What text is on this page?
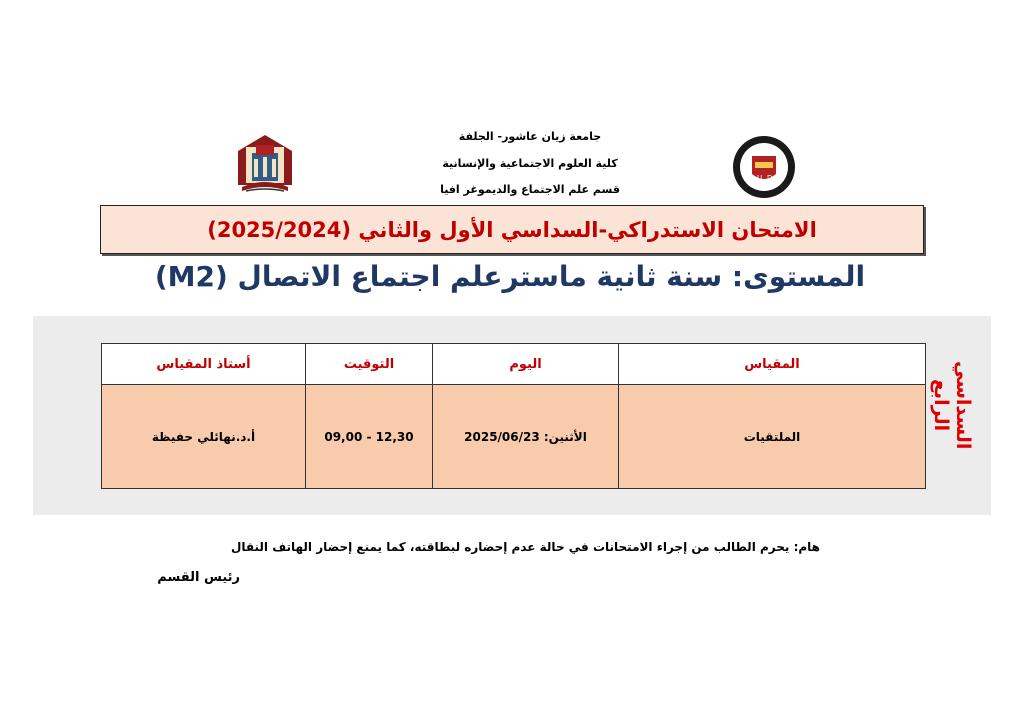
U D
جامعة زيان عاشور- الجلفة
كلية العلوم الاجتماعية والإنسانية
قسم علم الاجتماع والديموغر افيا
الامتحان الاستدراكي-السداسي الأول والثاني (2025/2024)
المستوى: سنة ثانية ماسترعلم اجتماع الاتصال (M2)
المقياس	اليوم	التوقيت	أستاذ المقياس
الملتقيات	الأثنين: 2025/06/23	12,30 - 09,00	أ.د.نهائلي حفيظة	السداسي الرابع
هام: يحرم الطالب من إجراء الامتحانات في حالة عدم إحضاره لبطاقته، كما يمنع إحضار الهاتف النقال
رئيس القسم
